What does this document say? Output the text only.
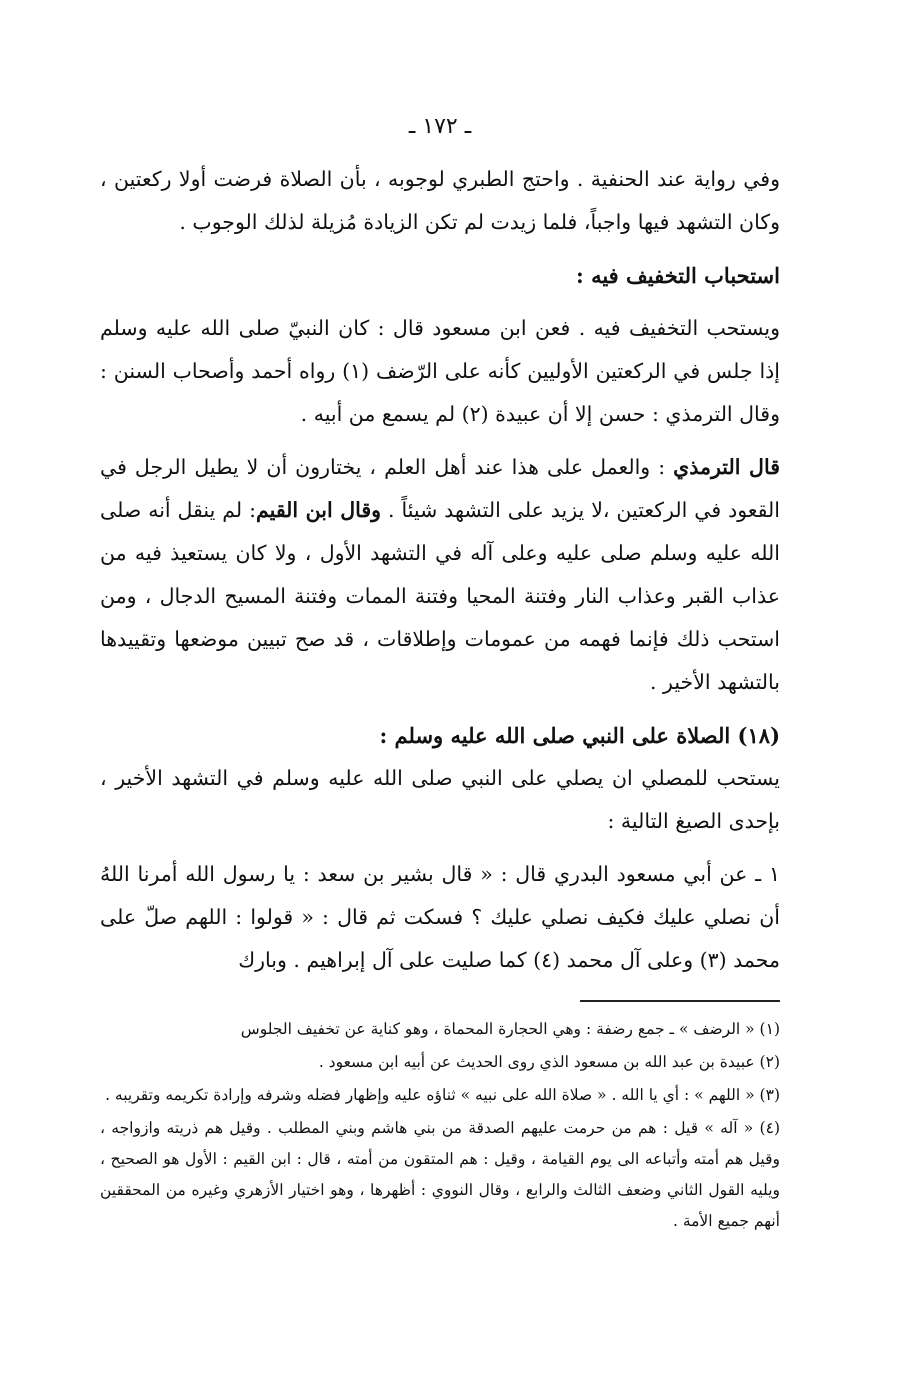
ـ ١٧٢ ـ

وفي رواية عند الحنفية . واحتج الطبري لوجوبه ، بأن الصلاة فرضت أولا ركعتين ، وكان التشهد فيها واجباً، فلما زيدت لم تكن الزيادة مُزيلة لذلك الوجوب .

استحباب التخفيف فيه :

ويستحب التخفيف فيه . فعن ابن مسعود قال : كان النبيّ صلى الله عليه وسلم إذا جلس في الركعتين الأوليين كأنه على الرّضف (١) رواه أحمد وأصحاب السنن : وقال الترمذي : حسن إلا أن عبيدة (٢) لم يسمع من أبيه .

قال الترمذي : والعمل على هذا عند أهل العلم ، يختارون أن لا يطيل الرجل في القعود في الركعتين ،لا يزيد على التشهد شيئاً . وقال ابن القيم: لم ينقل أنه صلى الله عليه وسلم صلى عليه وعلى آله في التشهد الأول ، ولا كان يستعيذ فيه من عذاب القبر وعذاب النار وفتنة المحيا وفتنة الممات وفتنة المسيح الدجال ، ومن استحب ذلك فإنما فهمه من عمومات وإطلاقات ، قد صح تبيين موضعها وتقييدها بالتشهد الأخير .

(١٨) الصلاة على النبي صلى الله عليه وسلم :

يستحب للمصلي ان يصلي على النبي صلى الله عليه وسلم في التشهد الأخير ، بإحدى الصيغ التالية :

١ ـ عن أبي مسعود البدري قال : « قال بشير بن سعد : يا رسول الله أمرنا اللهُ أن نصلي عليك فكيف نصلي عليك ؟ فسكت ثم قال : « قولوا : اللهم صلّ على محمد (٣) وعلى آل محمد (٤) كما صليت على آل إبراهيم . وبارك

(١) « الرضف » ـ جمع رضفة : وهي الحجارة المحماة ، وهو كناية عن تخفيف الجلوس

(٢) عبيدة بن عبد الله بن مسعود الذي روى الحديث عن أبيه ابن مسعود .

(٣) « اللهم » : أي يا الله . « صلاة الله على نبيه » ثناؤه عليه وإظهار فضله وشرفه وإرادة تكريمه وتقريبه .

(٤) « آله » قيل : هم من حرمت عليهم الصدقة من بني هاشم وبني المطلب . وقيل هم ذريته وازواجه ، وقيل هم أمته وأتباعه الى يوم القيامة ، وقيل : هم المتقون من أمته ، قال : ابن القيم : الأول هو الصحيح ، ويليه القول الثاني وضعف الثالث والرابع ، وقال النووي : أظهرها ، وهو اختيار الأزهري وغيره من المحققين أنهم جميع الأمة .
